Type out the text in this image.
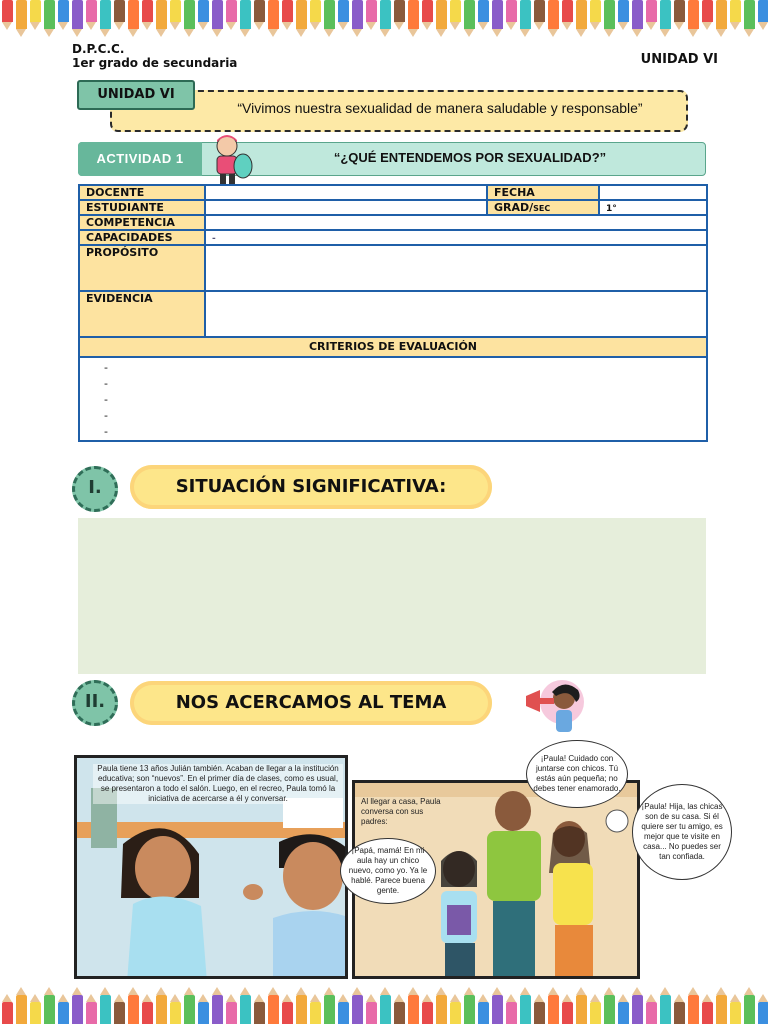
D.P.C.C.
1er grado de secundaria	UNIDAD VI
UNIDAD VI
“Vivimos nuestra sexualidad de manera saludable y responsable”
ACTIVIDAD 1	“¿QUÉ ENTENDEMOS POR SEXUALIDAD?”
DOCENTE		FECHA	
ESTUDIANTE		GRAD/SEC	1°
COMPETENCIA			
CAPACIDADES	-		
PROPÓSITO			
EVIDENCIA			
CRITERIOS DE EVALUACIÓN			

-
-
-
-
-			
I.	SITUACIÓN SIGNIFICATIVA:
II.	NOS ACERCAMOS AL TEMA
Paula tiene 13 años Julián también. Acaban de llegar a la institución educativa; son “nuevos”. En el primer día de clases, como es usual, se presentaron a todo el salón. Luego, en el recreo, Paula tomó la iniciativa de acercarse a él y conversar.	Al llegar a casa, Paula conversa con sus padres:
¡Papá, mamá! En mi aula hay un chico nuevo, como yo. Ya le hablé. Parece buena gente.
¡Paula! Cuidado con juntarse con chicos. Tú estás aún pequeña; no debes tener enamorado.
¡Paula! Hija, las chicas son de su casa. Si él quiere ser tu amigo, es mejor que te visite en casa... No puedes ser tan confiada.
